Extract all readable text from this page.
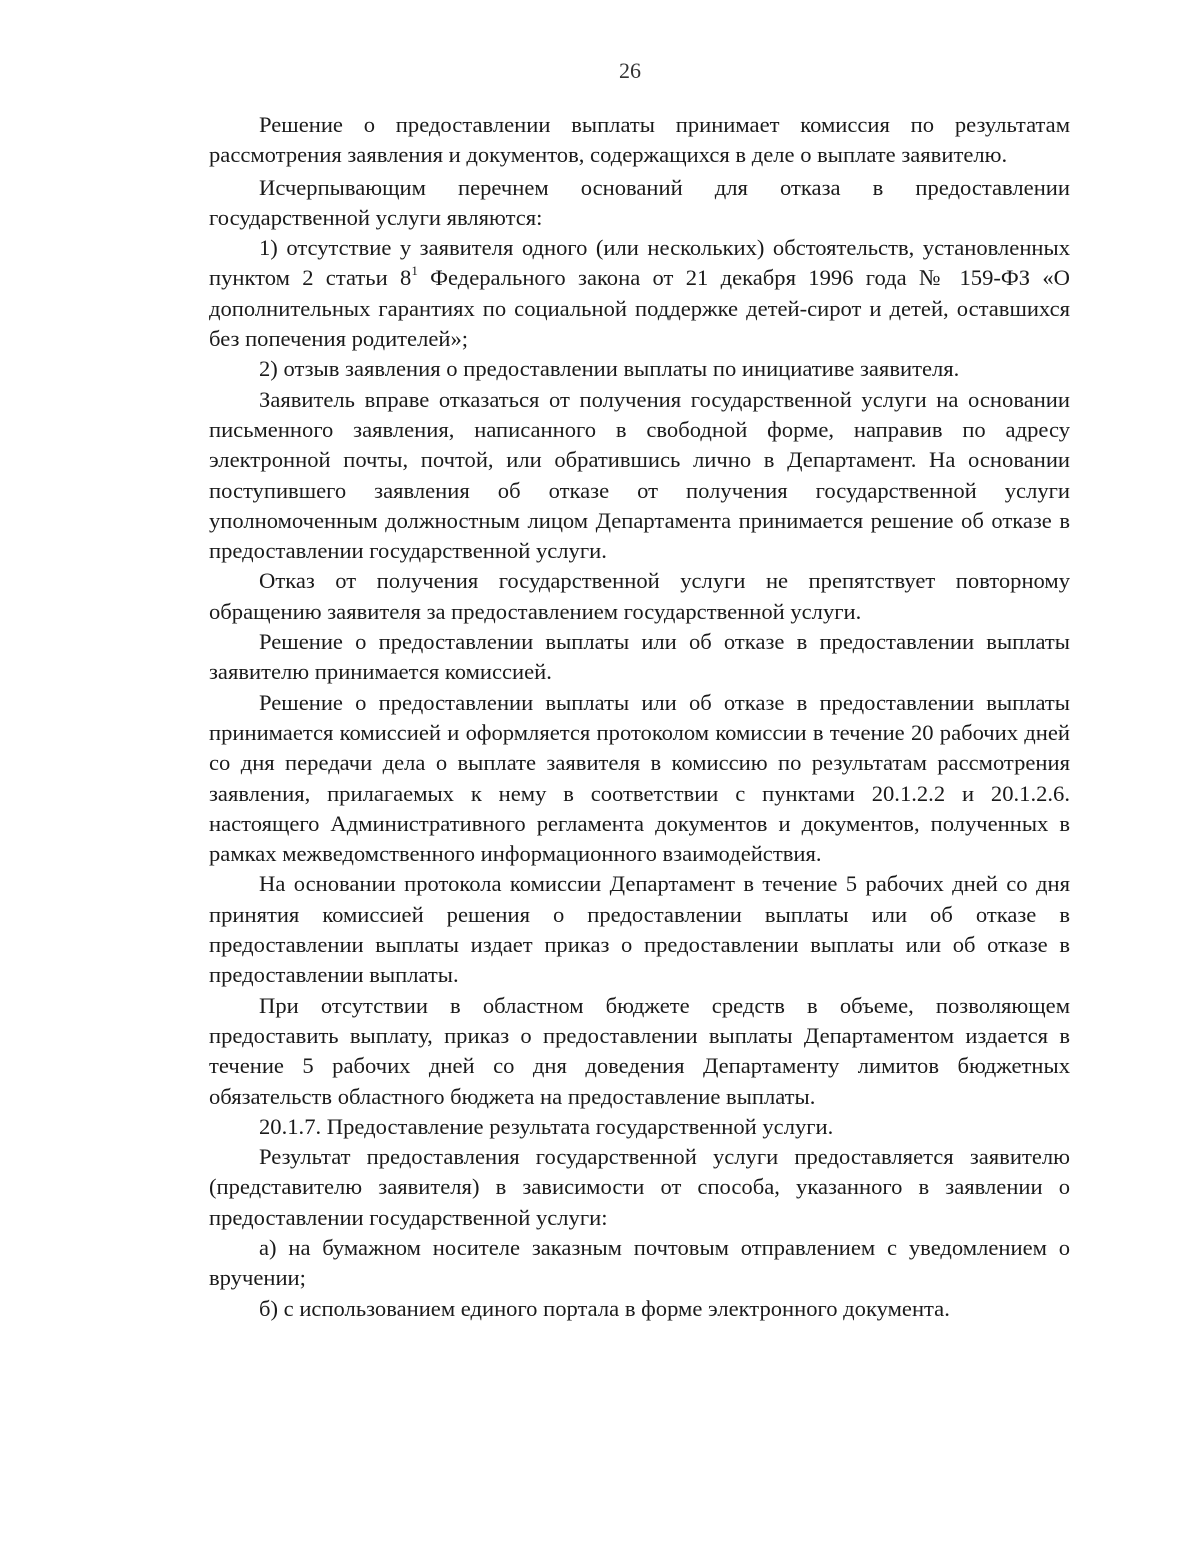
26

Решение о предоставлении выплаты принимает комиссия по результатам рассмотрения заявления и документов, содержащихся в деле о выплате заявителю.

Исчерпывающим перечнем оснований для отказа в предоставлении государственной услуги являются:

1) отсутствие у заявителя одного (или нескольких) обстоятельств, установленных пунктом 2 статьи $8^1$ Федерального закона от 21 декабря 1996 года № 159-ФЗ «О дополнительных гарантиях по социальной поддержке детей-сирот и детей, оставшихся без попечения родителей»;

2) отзыв заявления о предоставлении выплаты по инициативе заявителя.

Заявитель вправе отказаться от получения государственной услуги на основании письменного заявления, написанного в свободной форме, направив по адресу электронной почты, почтой, или обратившись лично в Департамент. На основании поступившего заявления об отказе от получения государственной услуги уполномоченным должностным лицом Департамента принимается решение об отказе в предоставлении государственной услуги.

Отказ от получения государственной услуги не препятствует повторному обращению заявителя за предоставлением государственной услуги.

Решение о предоставлении выплаты или об отказе в предоставлении выплаты заявителю принимается комиссией.

Решение о предоставлении выплаты или об отказе в предоставлении выплаты принимается комиссией и оформляется протоколом комиссии в течение 20 рабочих дней со дня передачи дела о выплате заявителя в комиссию по результатам рассмотрения заявления, прилагаемых к нему в соответствии с пунктами 20.1.2.2 и 20.1.2.6. настоящего Административного регламента документов и документов, полученных в рамках межведомственного информационного взаимодействия.

На основании протокола комиссии Департамент в течение 5 рабочих дней со дня принятия комиссией решения о предоставлении выплаты или об отказе в предоставлении выплаты издает приказ о предоставлении выплаты или об отказе в предоставлении выплаты.

При отсутствии в областном бюджете средств в объеме, позволяющем предоставить выплату, приказ о предоставлении выплаты Департаментом издается в течение 5 рабочих дней со дня доведения Департаменту лимитов бюджетных обязательств областного бюджета на предоставление выплаты.

20.1.7. Предоставление результата государственной услуги.

Результат предоставления государственной услуги предоставляется заявителю (представителю заявителя) в зависимости от способа, указанного в заявлении о предоставлении государственной услуги:

а) на бумажном носителе заказным почтовым отправлением с уведомлением о вручении;

б) с использованием единого портала в форме электронного документа.
